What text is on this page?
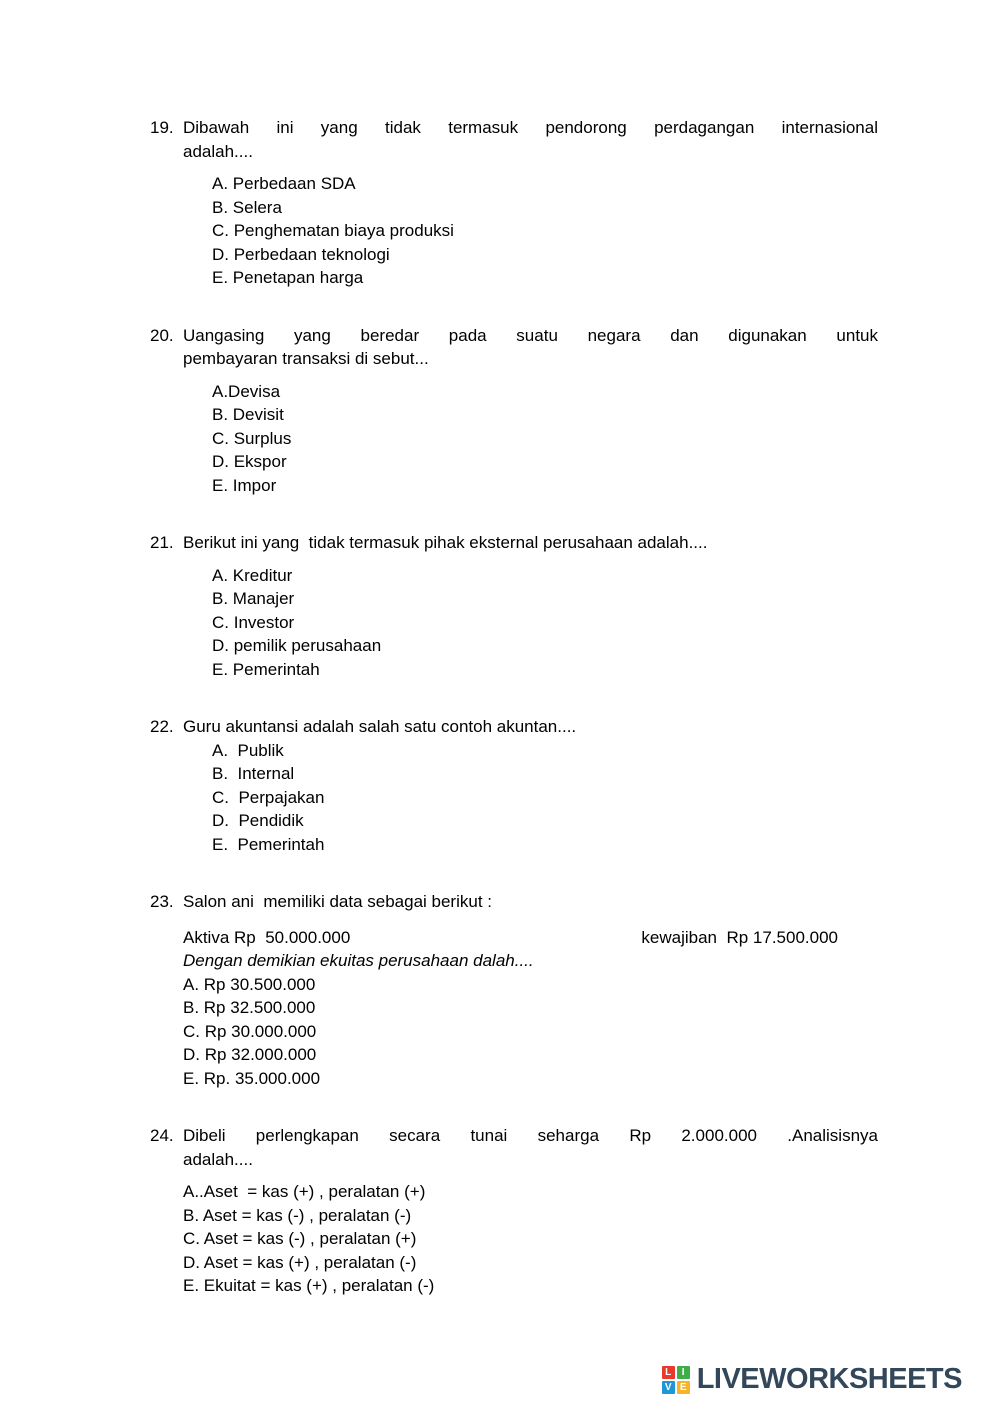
19. Dibawah ini yang tidak termasuk pendorong perdagangan internasional
adalah....
A. Perbedaan SDA
B. Selera
C. Penghematan biaya produksi
D. Perbedaan teknologi
E. Penetapan harga
20. Uangasing yang beredar pada suatu negara dan digunakan untuk
pembayaran transaksi di sebut...
A.Devisa
B. Devisit
C. Surplus
D. Ekspor
E. Impor
21. Berikut ini yang  tidak termasuk pihak eksternal perusahaan adalah....
A. Kreditur
B. Manajer
C. Investor
D. pemilik perusahaan
E. Pemerintah
22. Guru akuntansi adalah salah satu contoh akuntan....
A.  Publik
B.  Internal
C.  Perpajakan
D.  Pendidik
E.  Pemerintah
23. Salon ani  memiliki data sebagai berikut :
Aktiva Rp  50.000.000	kewajiban  Rp 17.500.000
Dengan demikian ekuitas perusahaan dalah....
A. Rp 30.500.000
B. Rp 32.500.000
C. Rp 30.000.000
D. Rp 32.000.000
E. Rp. 35.000.000
24. Dibeli perlengkapan secara tunai seharga Rp 2.000.000 .Analisisnya
adalah....
A..Aset  = kas (+) , peralatan (+)
B. Aset = kas (-) , peralatan (-)
C. Aset = kas (-) , peralatan (+)
D. Aset = kas (+) , peralatan (-)
E. Ekuitat = kas (+) , peralatan (-)
L	I
V E LIVEWORKSHEETS
